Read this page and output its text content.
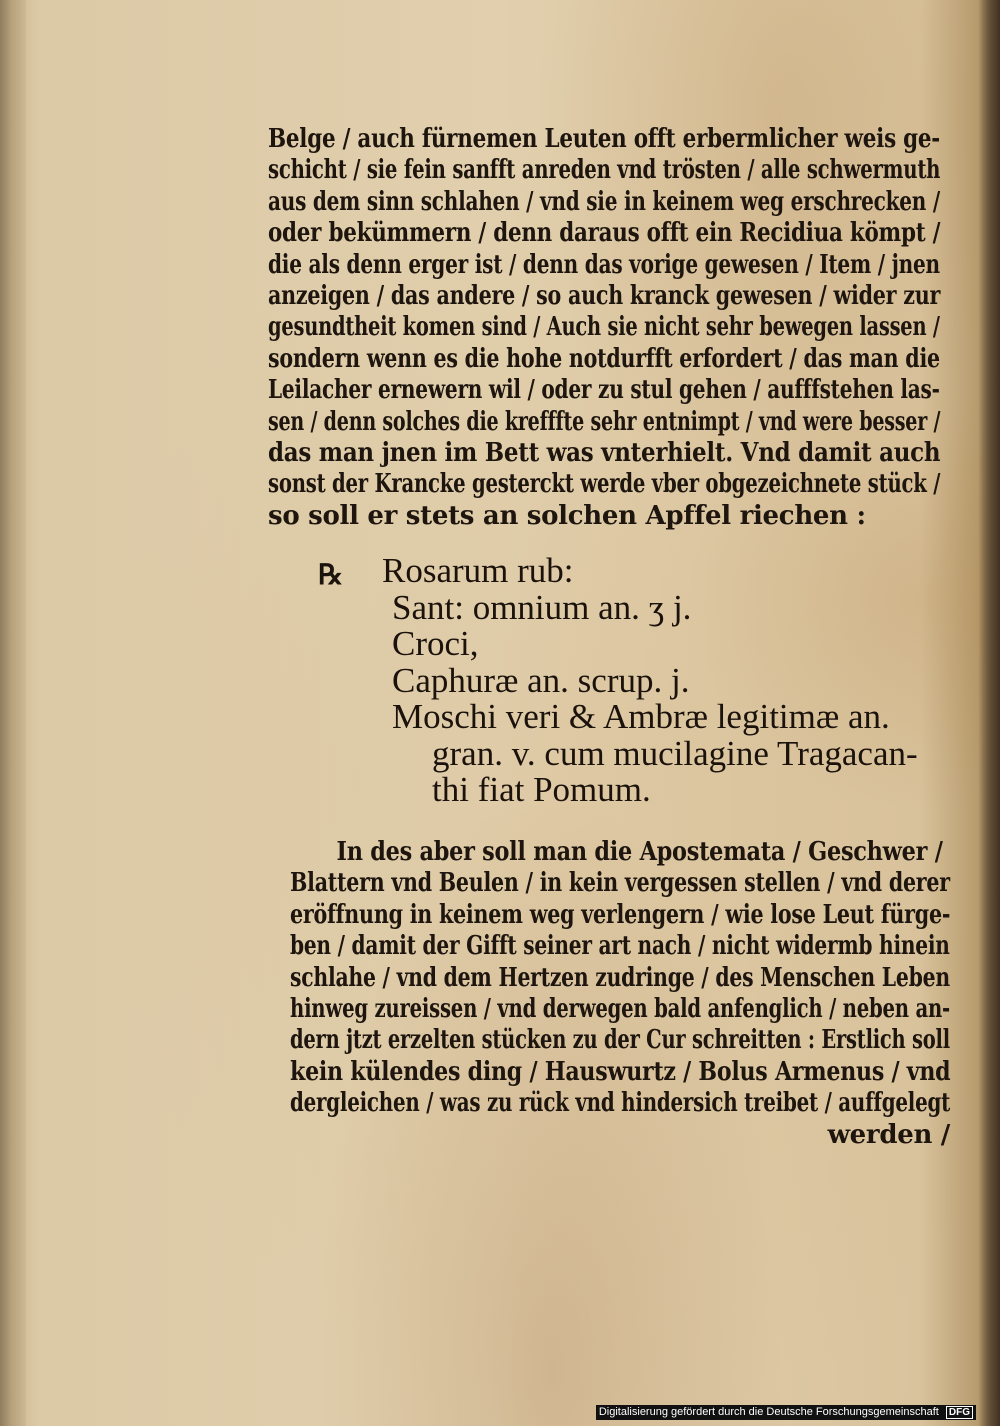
Belge / auch fürnemen Leuten offt erbermlicher weis ge-
schicht / sie fein sanfft anreden vnd trösten / alle schwermuth
aus dem sinn schlahen / vnd sie in keinem weg erschrecken /
oder bekümmern / denn daraus offt ein Recidiua kömpt /
die als denn erger ist / denn das vorige gewesen / Item / jnen
anzeigen / das andere / so auch kranck gewesen / wider zur
gesundtheit komen sind / Auch sie nicht sehr bewegen lassen /
sondern wenn es die hohe notdurfft erfordert / das man die
Leilacher ernewern wil / oder zu stul gehen / aufffstehen las-
sen / denn solches die krefffte sehr entnimpt / vnd were besser /
das man jnen im Bett was vnterhielt. Vnd damit auch
sonst der Krancke gesterckt werde vber obgezeichnete stück /
so soll er stets an solchen Apffel riechen :
℞ Rosarum rub:
Sant: omnium an. ʒ j.
Croci,
Caphuræ an. scrup. j.
Moschi veri & Ambræ legitimæ an.
gran. v. cum mucilagine Tragacan-
thi fiat Pomum.
In des aber soll man die Apostemata / Geschwer /
Blattern vnd Beulen / in kein vergessen stellen / vnd derer
eröffnung in keinem weg verlengern / wie lose Leut fürge-
ben / damit der Gifft seiner art nach / nicht widermb hinein
schlahe / vnd dem Hertzen zudringe / des Menschen Leben
hinweg zureissen / vnd derwegen bald anfenglich / neben an-
dern jtzt erzelten stücken zu der Cur schreitten : Erstlich soll
kein külendes ding / Hauswurtz / Bolus Armenus / vnd
dergleichen / was zu rück vnd hindersich treibet / auffgelegt
werden /
Digitalisierung gefördert durch die Deutsche Forschungsgemeinschaft DFG
